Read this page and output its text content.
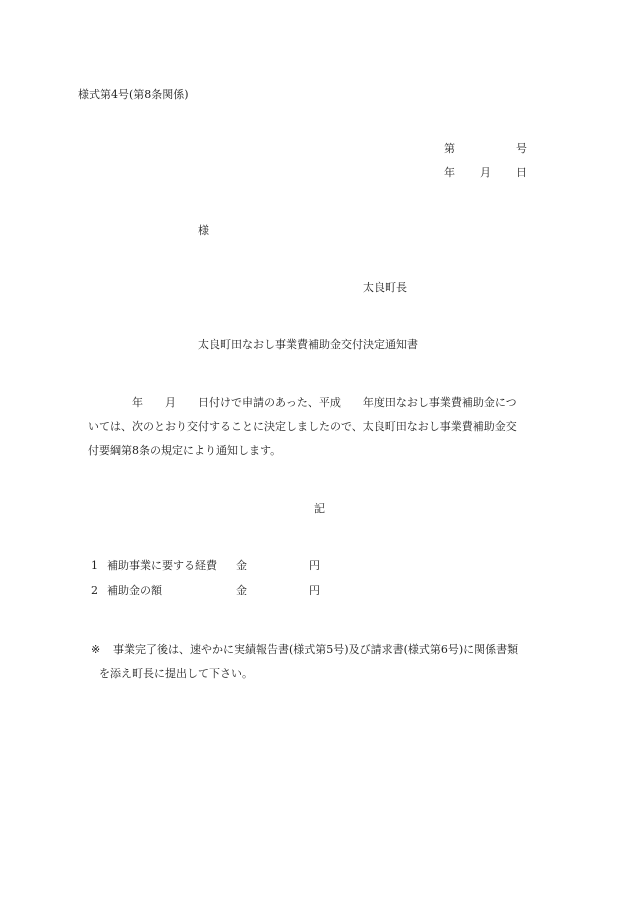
様式第4号(第8条関係)
第	号
年 月 日
様
太良町長
太良町田なおし事業費補助金交付決定通知書
　　　　年　　月　　日付けで申請のあった、平成　　年度田なおし事業費補助金につ
いては、次のとおり交付することに決定しましたので、太良町田なおし事業費補助金交
付要綱第8条の規定により通知します。
記
1 補助事業に要する経費 金	円
2 補助金の額	金	円
※ 事業完了後は、速やかに実績報告書(様式第5号)及び請求書(様式第6号)に関係書類
を添え町長に提出して下さい。
